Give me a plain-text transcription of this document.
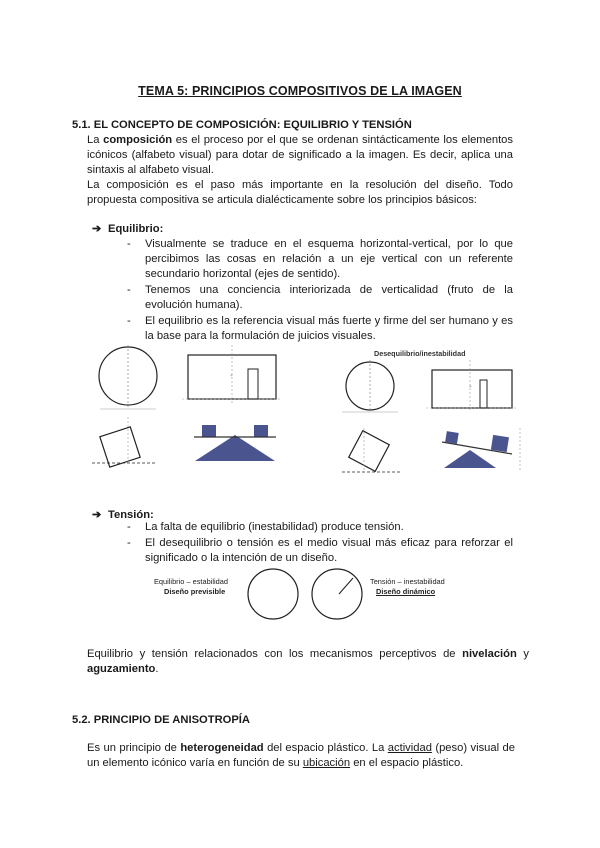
TEMA 5: PRINCIPIOS COMPOSITIVOS DE LA IMAGEN
5.1. EL CONCEPTO DE COMPOSICIÓN: EQUILIBRIO Y TENSIÓN

La composición es el proceso por el que se ordenan sintácticamente los elementos icónicos (alfabeto visual) para dotar de significado a la imagen. Es decir, aplica una sintaxis al alfabeto visual.

La composición es el paso más importante en la resolución del diseño. Todo propuesta compositiva se articula dialécticamente sobre los principios básicos:

➔ Equilibrio:
- Visualmente se traduce en el esquema horizontal-vertical, por lo que percibimos las cosas en relación a un eje vertical con un referente secundario horizontal (ejes de sentido).
- Tenemos una conciencia interiorizada de verticalidad (fruto de la evolución humana).
- El equilibrio es la referencia visual más fuerte y firme del ser humano y es la base para la formulación de juicios visuales.
+
Desequilibrio/inestabilidad
+
➔ Tensión:
- La falta de equilibrio (inestabilidad) produce tensión.
- El desequilibrio o tensión es el medio visual más eficaz para reforzar el significado o la intención de un diseño.
Equilibrio – estabilidad
Diseño previsible
Tensión – inestabilidad
Diseño dinámico

Equilibrio y tensión relacionados con los mecanismos perceptivos de nivelación y aguzamiento.

5.2. PRINCIPIO DE ANISOTROPÍA

Es un principio de heterogeneidad del espacio plástico. La actividad (peso) visual de un elemento icónico varía en función de su ubicación en el espacio plástico.
